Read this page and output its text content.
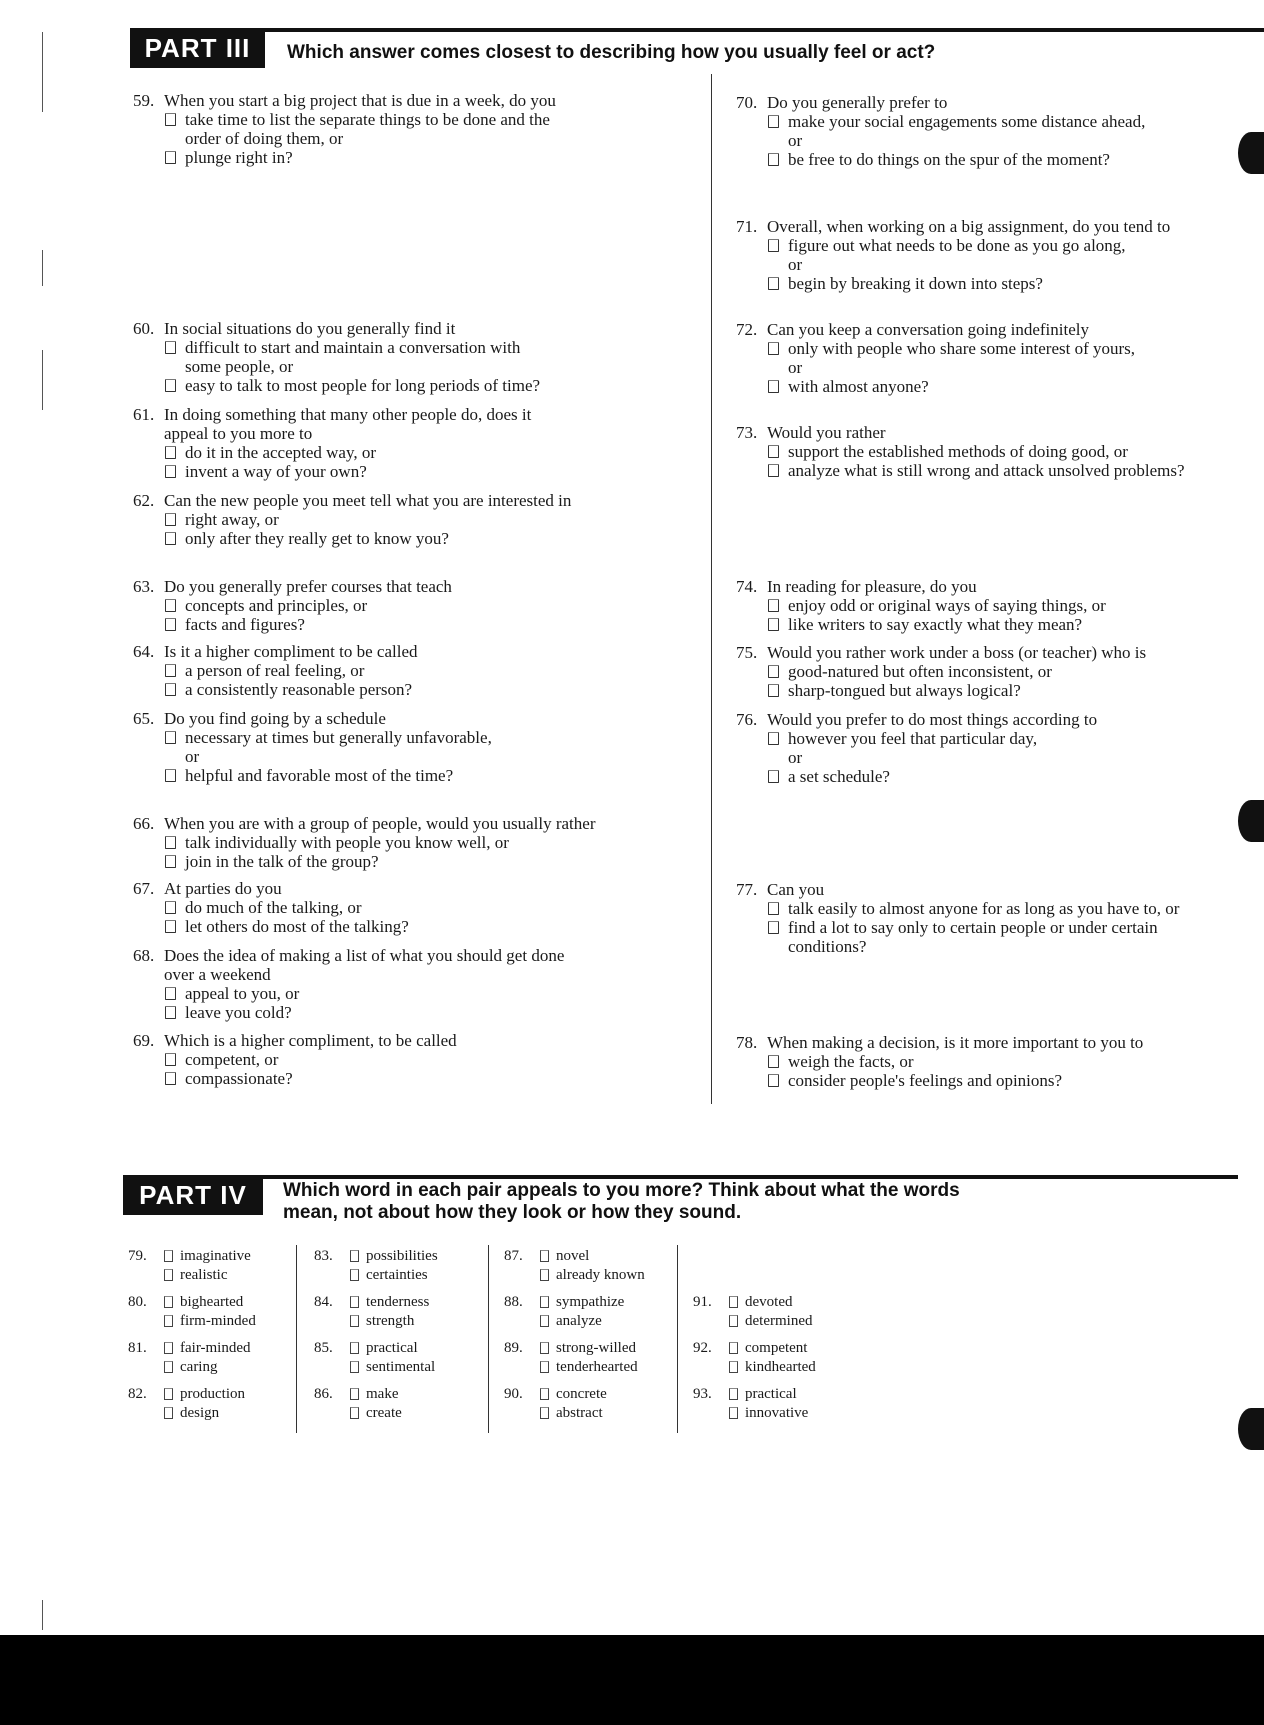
PART III	Which answer comes closest to describing how you usually feel or act?
59. When you start a big project that is due in a week, do you
take time to list the separate things to be done and the
order of doing them, or
plunge right in?
60. In social situations do you generally find it
difficult to start and maintain a conversation with
some people, or
easy to talk to most people for long periods of time?
61. In doing something that many other people do, does it
appeal to you more to
do it in the accepted way, or
invent a way of your own?
62. Can the new people you meet tell what you are interested in
right away, or
only after they really get to know you?
63. Do you generally prefer courses that teach
concepts and principles, or
facts and figures?
64. Is it a higher compliment to be called
a person of real feeling, or
a consistently reasonable person?
65. Do you find going by a schedule
necessary at times but generally unfavorable,
or
helpful and favorable most of the time?
66. When you are with a group of people, would you usually rather
talk individually with people you know well, or
join in the talk of the group?
67. At parties do you
do much of the talking, or
let others do most of the talking?
68. Does the idea of making a list of what you should get done
over a weekend
appeal to you, or
leave you cold?
69. Which is a higher compliment, to be called
competent, or
compassionate?
70. Do you generally prefer to
make your social engagements some distance ahead,
or
be free to do things on the spur of the moment?
71. Overall, when working on a big assignment, do you tend to
figure out what needs to be done as you go along,
or
begin by breaking it down into steps?
72. Can you keep a conversation going indefinitely
only with people who share some interest of yours,
or
with almost anyone?
73. Would you rather
support the established methods of doing good, or
analyze what is still wrong and attack unsolved problems?
74. In reading for pleasure, do you
enjoy odd or original ways of saying things, or
like writers to say exactly what they mean?
75. Would you rather work under a boss (or teacher) who is
good-natured but often inconsistent, or
sharp-tongued but always logical?
76. Would you prefer to do most things according to
however you feel that particular day,
or
a set schedule?
77. Can you
talk easily to almost anyone for as long as you have to, or
find a lot to say only to certain people or under certain
conditions?
78. When making a decision, is it more important to you to
weigh the facts, or
consider people's feelings and opinions?
PART IV	Which word in each pair appeals to you more? Think about what the words
mean, not about how they look or how they sound.
79. imaginative
realistic
80. bighearted
firm-minded
81. fair-minded
caring
82. production
design
83. possibilities
certainties
84. tenderness
strength
85. practical
sentimental
86. make
create
87. novel
already known
88. sympathize
analyze
89. strong-willed
tenderhearted
90. concrete
abstract
91. devoted
determined
92. competent
kindhearted
93. practical
innovative
